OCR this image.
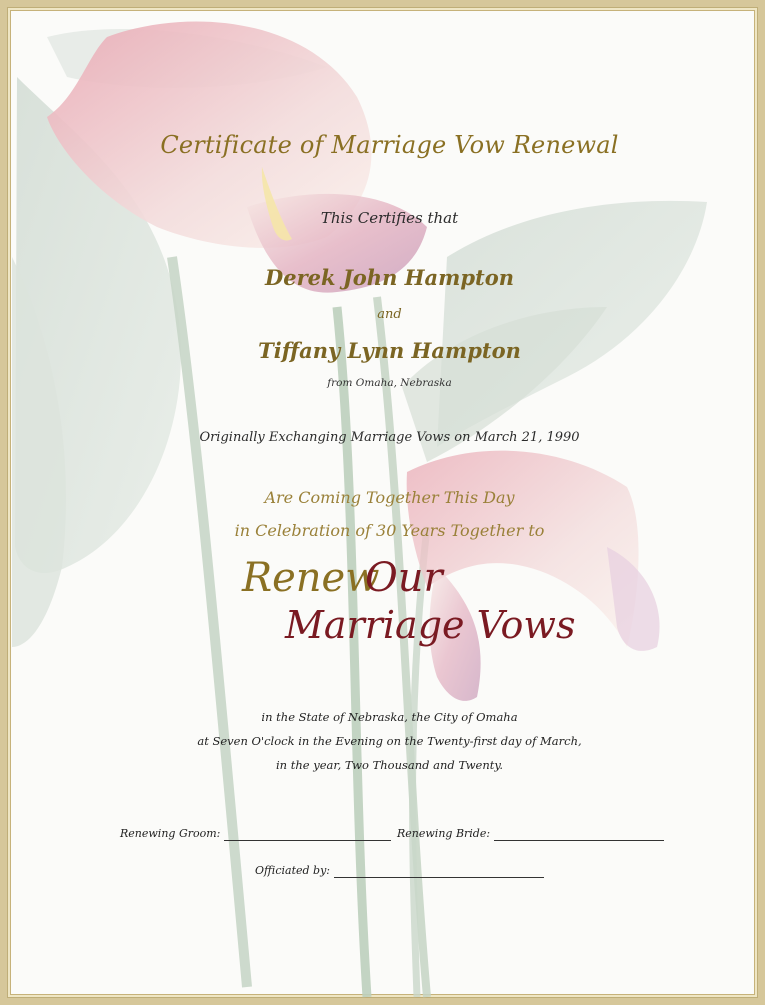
Certificate of Marriage Vow Renewal
This Certifies that
Derek John Hampton
and
Tiffany Lynn Hampton
from Omaha, Nebraska
Originally Exchanging Marriage Vows on March 21, 1990
Are Coming Together This Day
in Celebration of 30 Years Together to
Renew
Our
Marriage Vows
in the State of Nebraska, the City of Omaha
at Seven O'clock in the Evening on the Twenty-first day of March,
in the year, Two Thousand and Twenty.
Renewing Groom:	Renewing Bride:
Officiated by:
